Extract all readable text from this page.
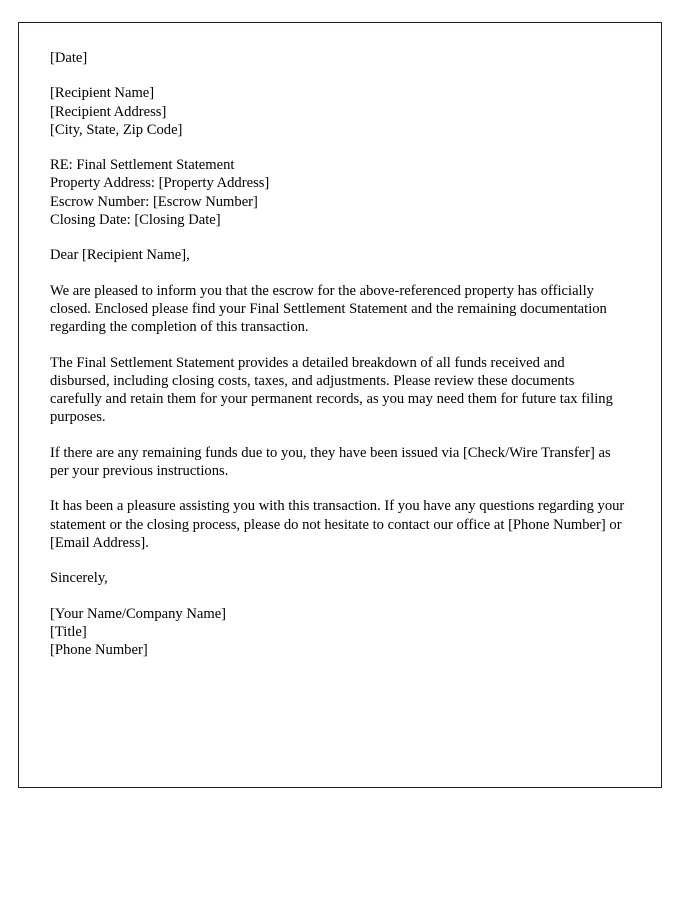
[Date]
[Recipient Name]
[Recipient Address]
[City, State, Zip Code]
RE: Final Settlement Statement
Property Address: [Property Address]
Escrow Number: [Escrow Number]
Closing Date: [Closing Date]
Dear [Recipient Name],

We are pleased to inform you that the escrow for the above-referenced property has officially closed. Enclosed please find your Final Settlement Statement and the remaining documentation regarding the completion of this transaction.

The Final Settlement Statement provides a detailed breakdown of all funds received and disbursed, including closing costs, taxes, and adjustments. Please review these documents carefully and retain them for your permanent records, as you may need them for future tax filing purposes.

If there are any remaining funds due to you, they have been issued via [Check/Wire Transfer] as per your previous instructions.

It has been a pleasure assisting you with this transaction. If you have any questions regarding your statement or the closing process, please do not hesitate to contact our office at [Phone Number] or [Email Address].

Sincerely,
[Your Name/Company Name]
[Title]
[Phone Number]
